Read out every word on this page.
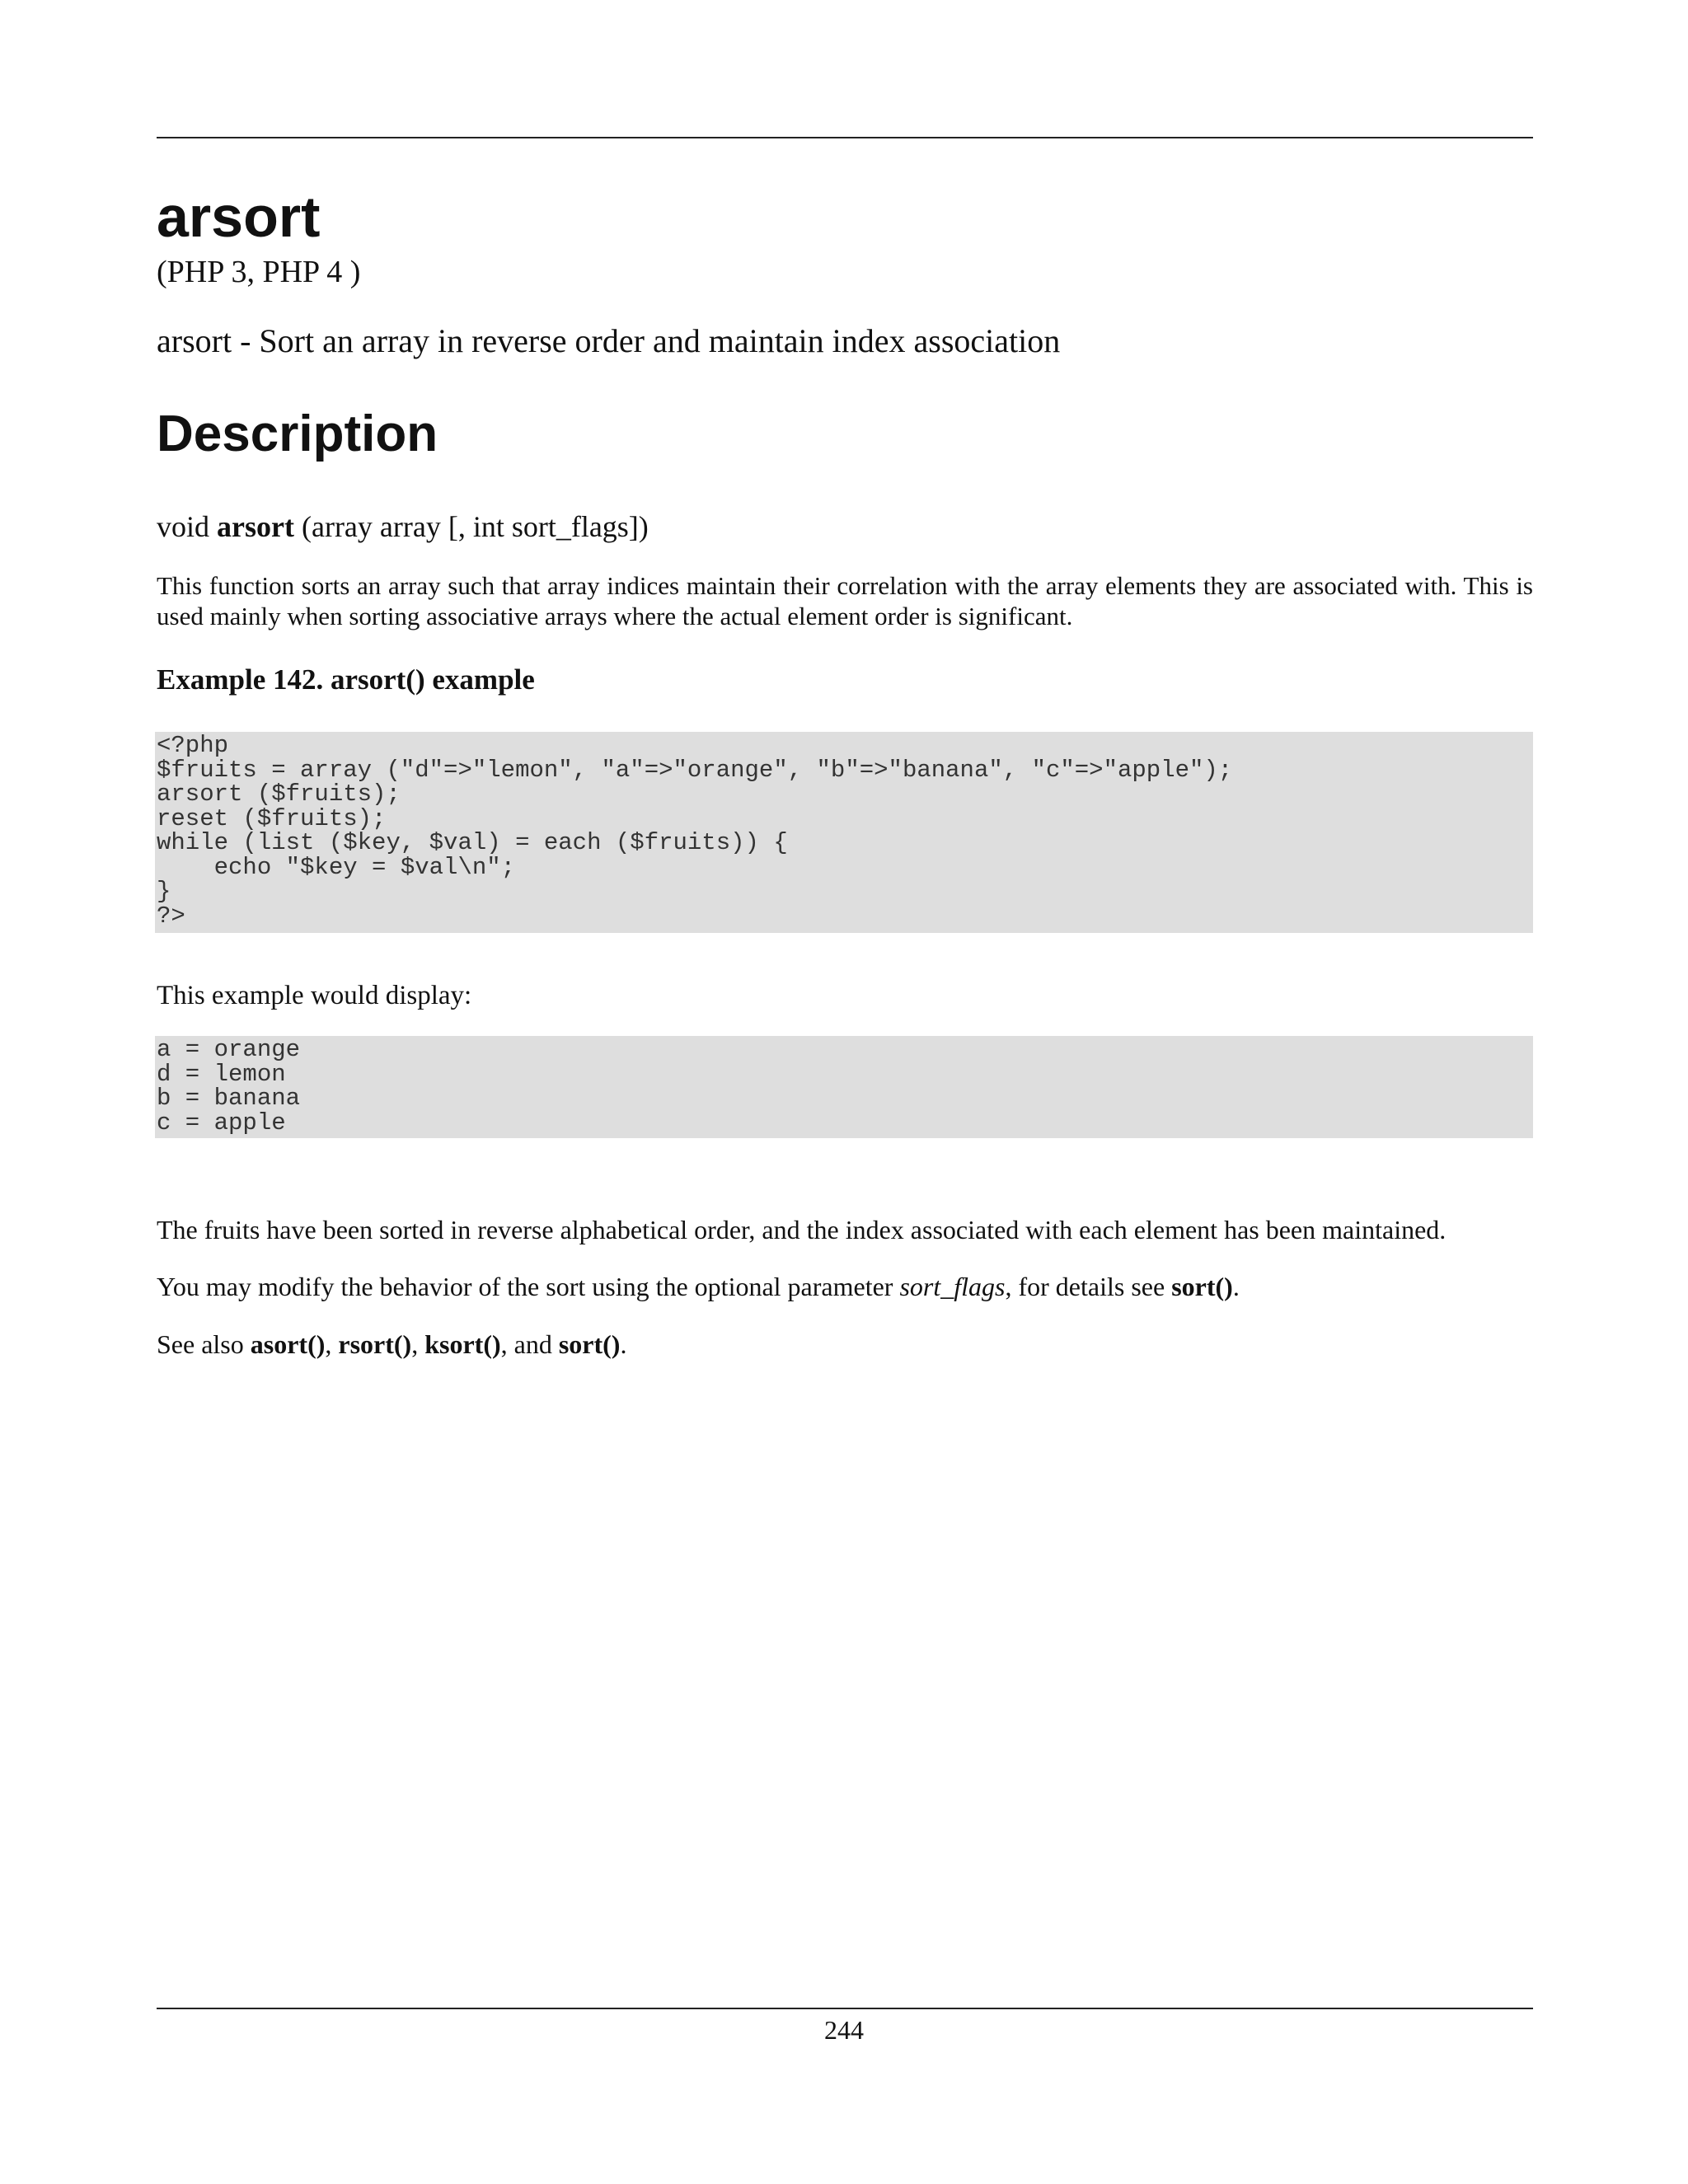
arsort
(PHP 3, PHP 4 )
arsort - Sort an array in reverse order and maintain index association
Description
void arsort (array array [, int sort_flags])
This function sorts an array such that array indices maintain their correlation with the array elements they are associated with. This is used mainly when sorting associative arrays where the actual element order is significant.
Example 142. arsort() example
<?php
$fruits = array ("d"=>"lemon", "a"=>"orange", "b"=>"banana", "c"=>"apple");
arsort ($fruits);
reset ($fruits);
while (list ($key, $val) = each ($fruits)) {
echo "$key = $val\n";
}
?>
This example would display:
a = orange
d = lemon
b = banana
c = apple
The fruits have been sorted in reverse alphabetical order, and the index associated with each element has been maintained.
You may modify the behavior of the sort using the optional parameter sort_flags, for details see sort().
See also asort(), rsort(), ksort(), and sort().
244
